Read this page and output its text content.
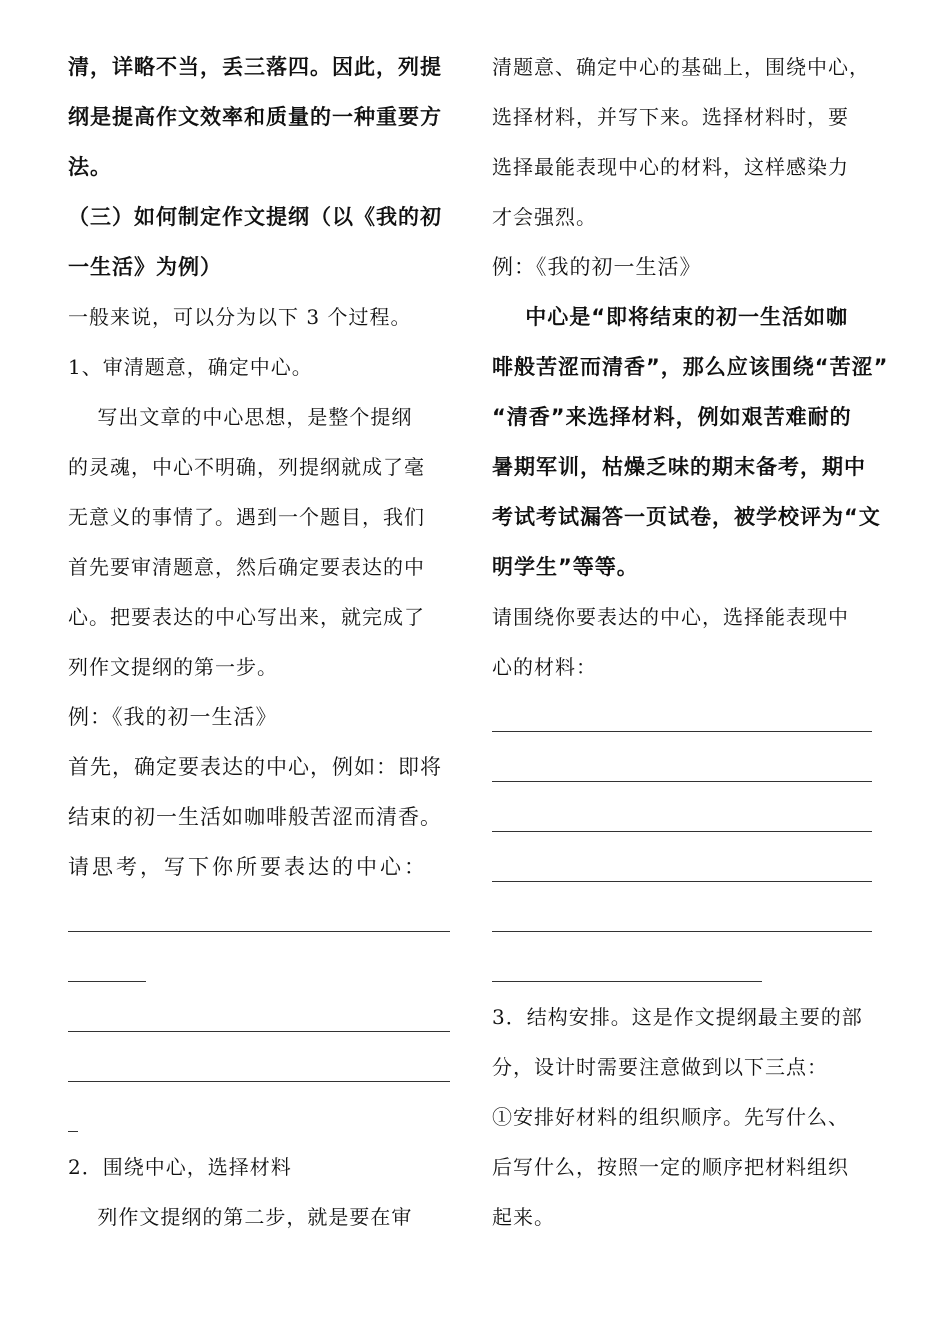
清，详略不当，丢三落四。因此，列提

纲是提高作文效率和质量的一种重要方

法。

（三）如何制定作文提纲（以《我的初

一生活》为例）

一般来说，可以分为以下 3 个过程。

1、审清题意，确定中心。

写出文章的中心思想，是整个提纲

的灵魂，中心不明确，列提纲就成了毫

无意义的事情了。遇到一个题目，我们

首先要审清题意，然后确定要表达的中

心。把要表达的中心写出来，就完成了

列作文提纲的第一步。

例：《我的初一生活》

首先，确定要表达的中心，例如：即将

结束的初一生活如咖啡般苦涩而清香。

请思考，写下你所要表达的中心：

2．围绕中心，选择材料

列作文提纲的第二步，就是要在审

清题意、确定中心的基础上，围绕中心，

选择材料，并写下来。选择材料时，要

选择最能表现中心的材料，这样感染力

才会强烈。

例：《我的初一生活》

中心是“即将结束的初一生活如咖

啡般苦涩而清香”，那么应该围绕“苦涩”

“清香”来选择材料，例如艰苦难耐的

暑期军训，枯燥乏味的期末备考，期中

考试考试漏答一页试卷，被学校评为“文

明学生”等等。

请围绕你要表达的中心，选择能表现中

心的材料：

3．结构安排。这是作文提纲最主要的部

分，设计时需要注意做到以下三点：

①安排好材料的组织顺序。先写什么、

后写什么，按照一定的顺序把材料组织

起来。
